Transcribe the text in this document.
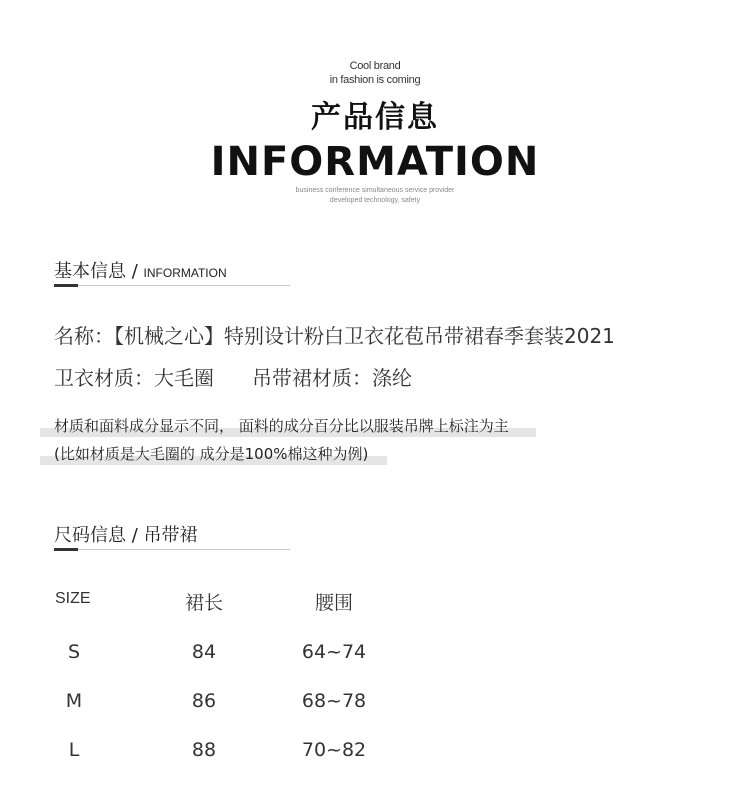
Cool brand
in fashion is coming
产品信息
INFORMATION
business conference simultaneous service provider
developed technology, safety
基本信息 / INFORMATION
名称：【机械之心】特别设计粉白卫衣花苞吊带裙春季套装2021
卫衣材质：大毛圈 吊带裙材质：涤纶
材质和面料成分显示不同， 面料的成分百分比以服装吊牌上标注为主
(比如材质是大毛圈的 成分是100%棉这种为例)
尺码信息 / 吊带裙
SIZE	裙长	腰围
S	84	64~74
M	86	68~78
L	88	70~82
